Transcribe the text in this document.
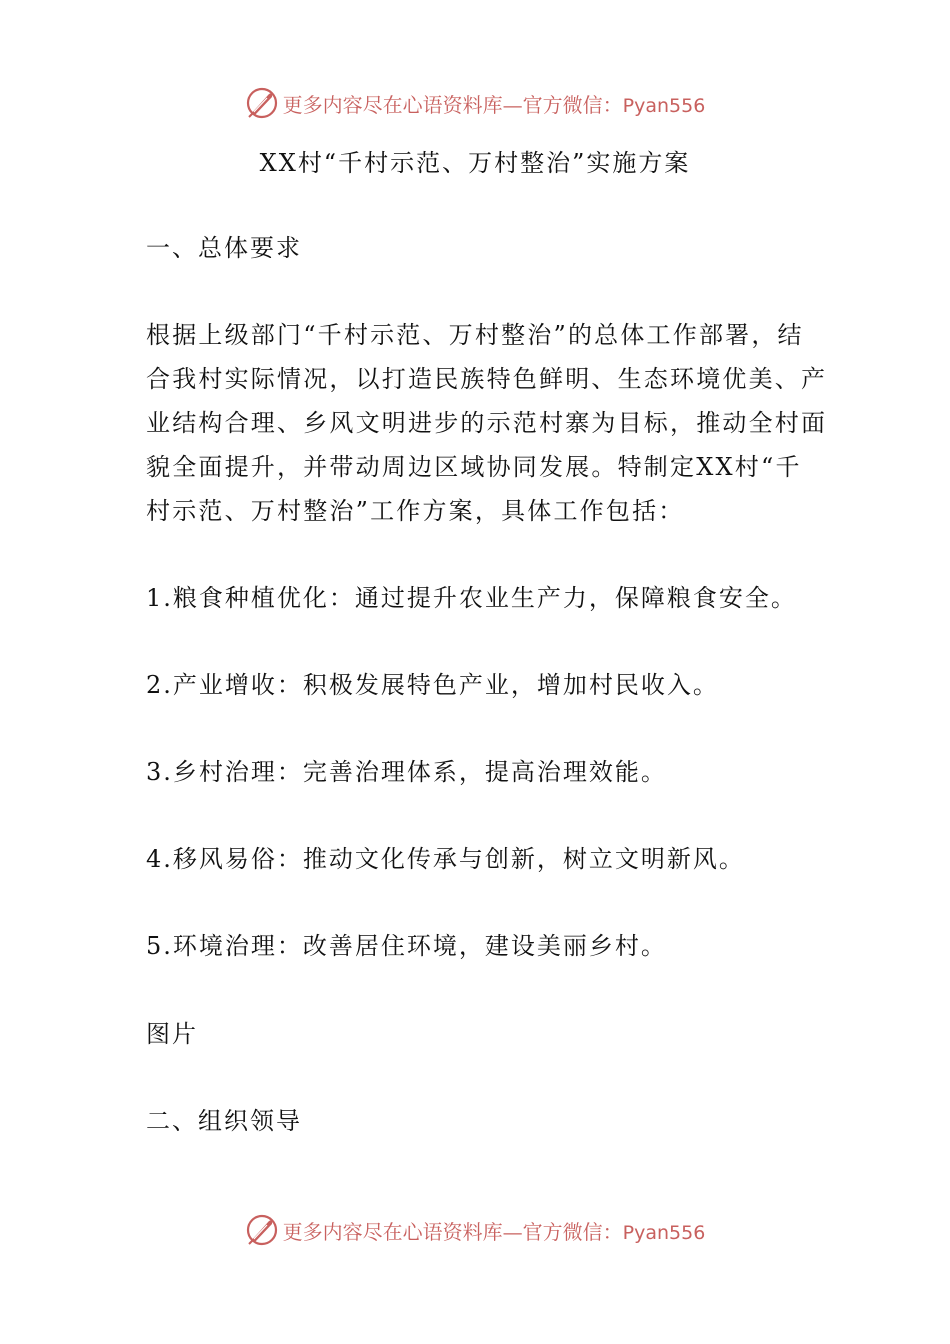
更多内容尽在心语资料库—官方微信：Pyan556
XX村“千村示范、万村整治”实施方案
一、总体要求
根据上级部门“千村示范、万村整治”的总体工作部署，结
合我村实际情况，以打造民族特色鲜明、生态环境优美、产
业结构合理、乡风文明进步的示范村寨为目标，推动全村面
貌全面提升，并带动周边区域协同发展。特制定XX村“千
村示范、万村整治”工作方案，具体工作包括：
1.粮食种植优化：通过提升农业生产力，保障粮食安全。
2.产业增收：积极发展特色产业，增加村民收入。
3.乡村治理：完善治理体系，提高治理效能。
4.移风易俗：推动文化传承与创新，树立文明新风。
5.环境治理：改善居住环境，建设美丽乡村。
图片
二、组织领导
更多内容尽在心语资料库—官方微信：Pyan556
